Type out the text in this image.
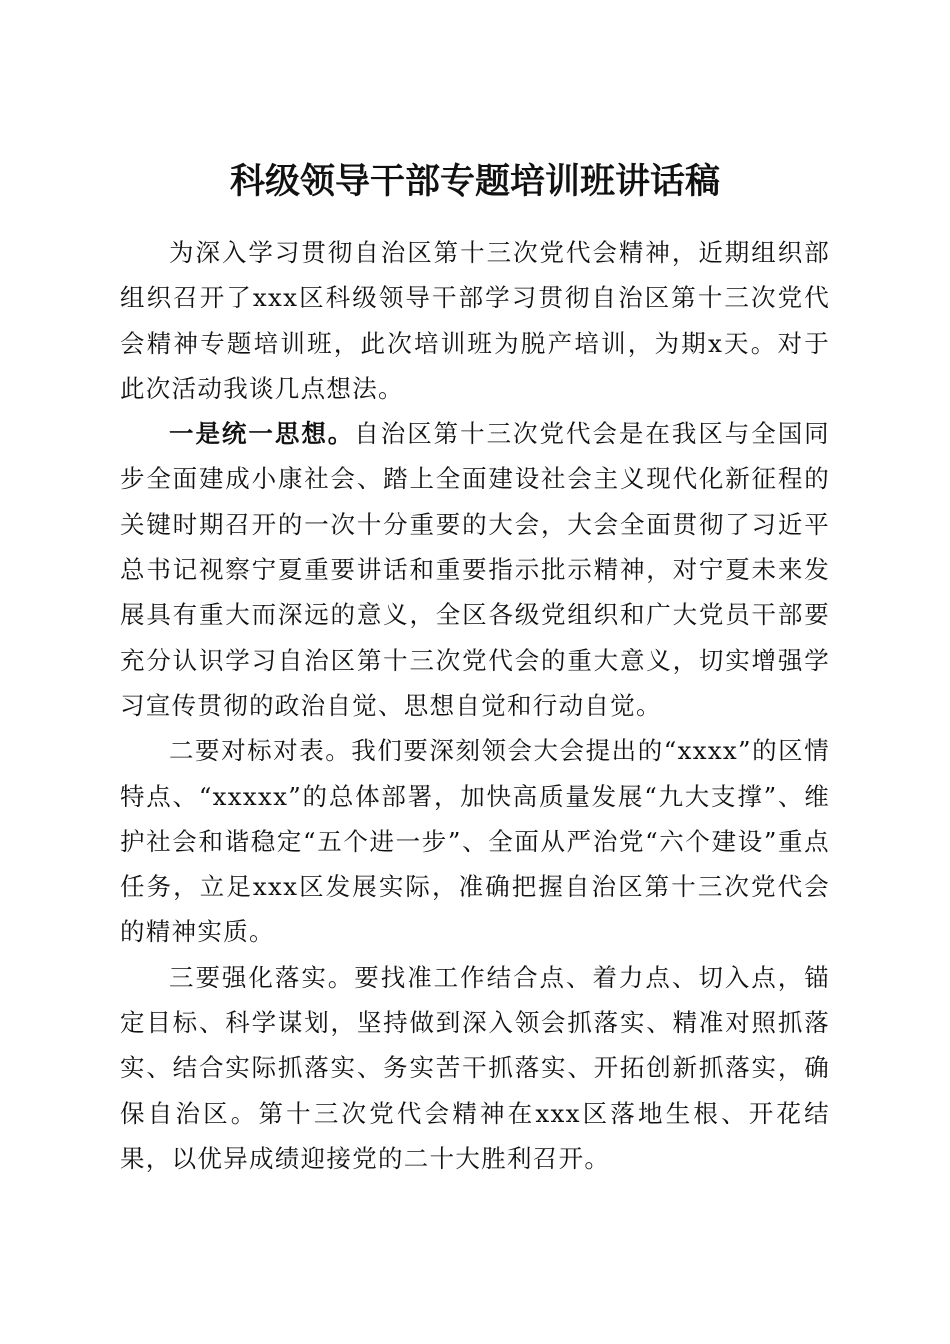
科级领导干部专题培训班讲话稿

为深入学习贯彻自治区第十三次党代会精神，近期组织部组织召开了xxx区科级领导干部学习贯彻自治区第十三次党代会精神专题培训班，此次培训班为脱产培训，为期x天。对于此次活动我谈几点想法。

一是统一思想。自治区第十三次党代会是在我区与全国同步全面建成小康社会、踏上全面建设社会主义现代化新征程的关键时期召开的一次十分重要的大会，大会全面贯彻了习近平总书记视察宁夏重要讲话和重要指示批示精神，对宁夏未来发展具有重大而深远的意义，全区各级党组织和广大党员干部要充分认识学习自治区第十三次党代会的重大意义，切实增强学习宣传贯彻的政治自觉、思想自觉和行动自觉。

二要对标对表。我们要深刻领会大会提出的“xxxx”的区情特点、“xxxxx”的总体部署，加快高质量发展“九大支撑”、维护社会和谐稳定“五个进一步”、全面从严治党“六个建设”重点任务，立足xxx区发展实际，准确把握自治区第十三次党代会的精神实质。

三要强化落实。要找准工作结合点、着力点、切入点，锚定目标、科学谋划，坚持做到深入领会抓落实、精准对照抓落实、结合实际抓落实、务实苦干抓落实、开拓创新抓落实，确保自治区。第十三次党代会精神在xxx区落地生根、开花结果，以优异成绩迎接党的二十大胜利召开。
